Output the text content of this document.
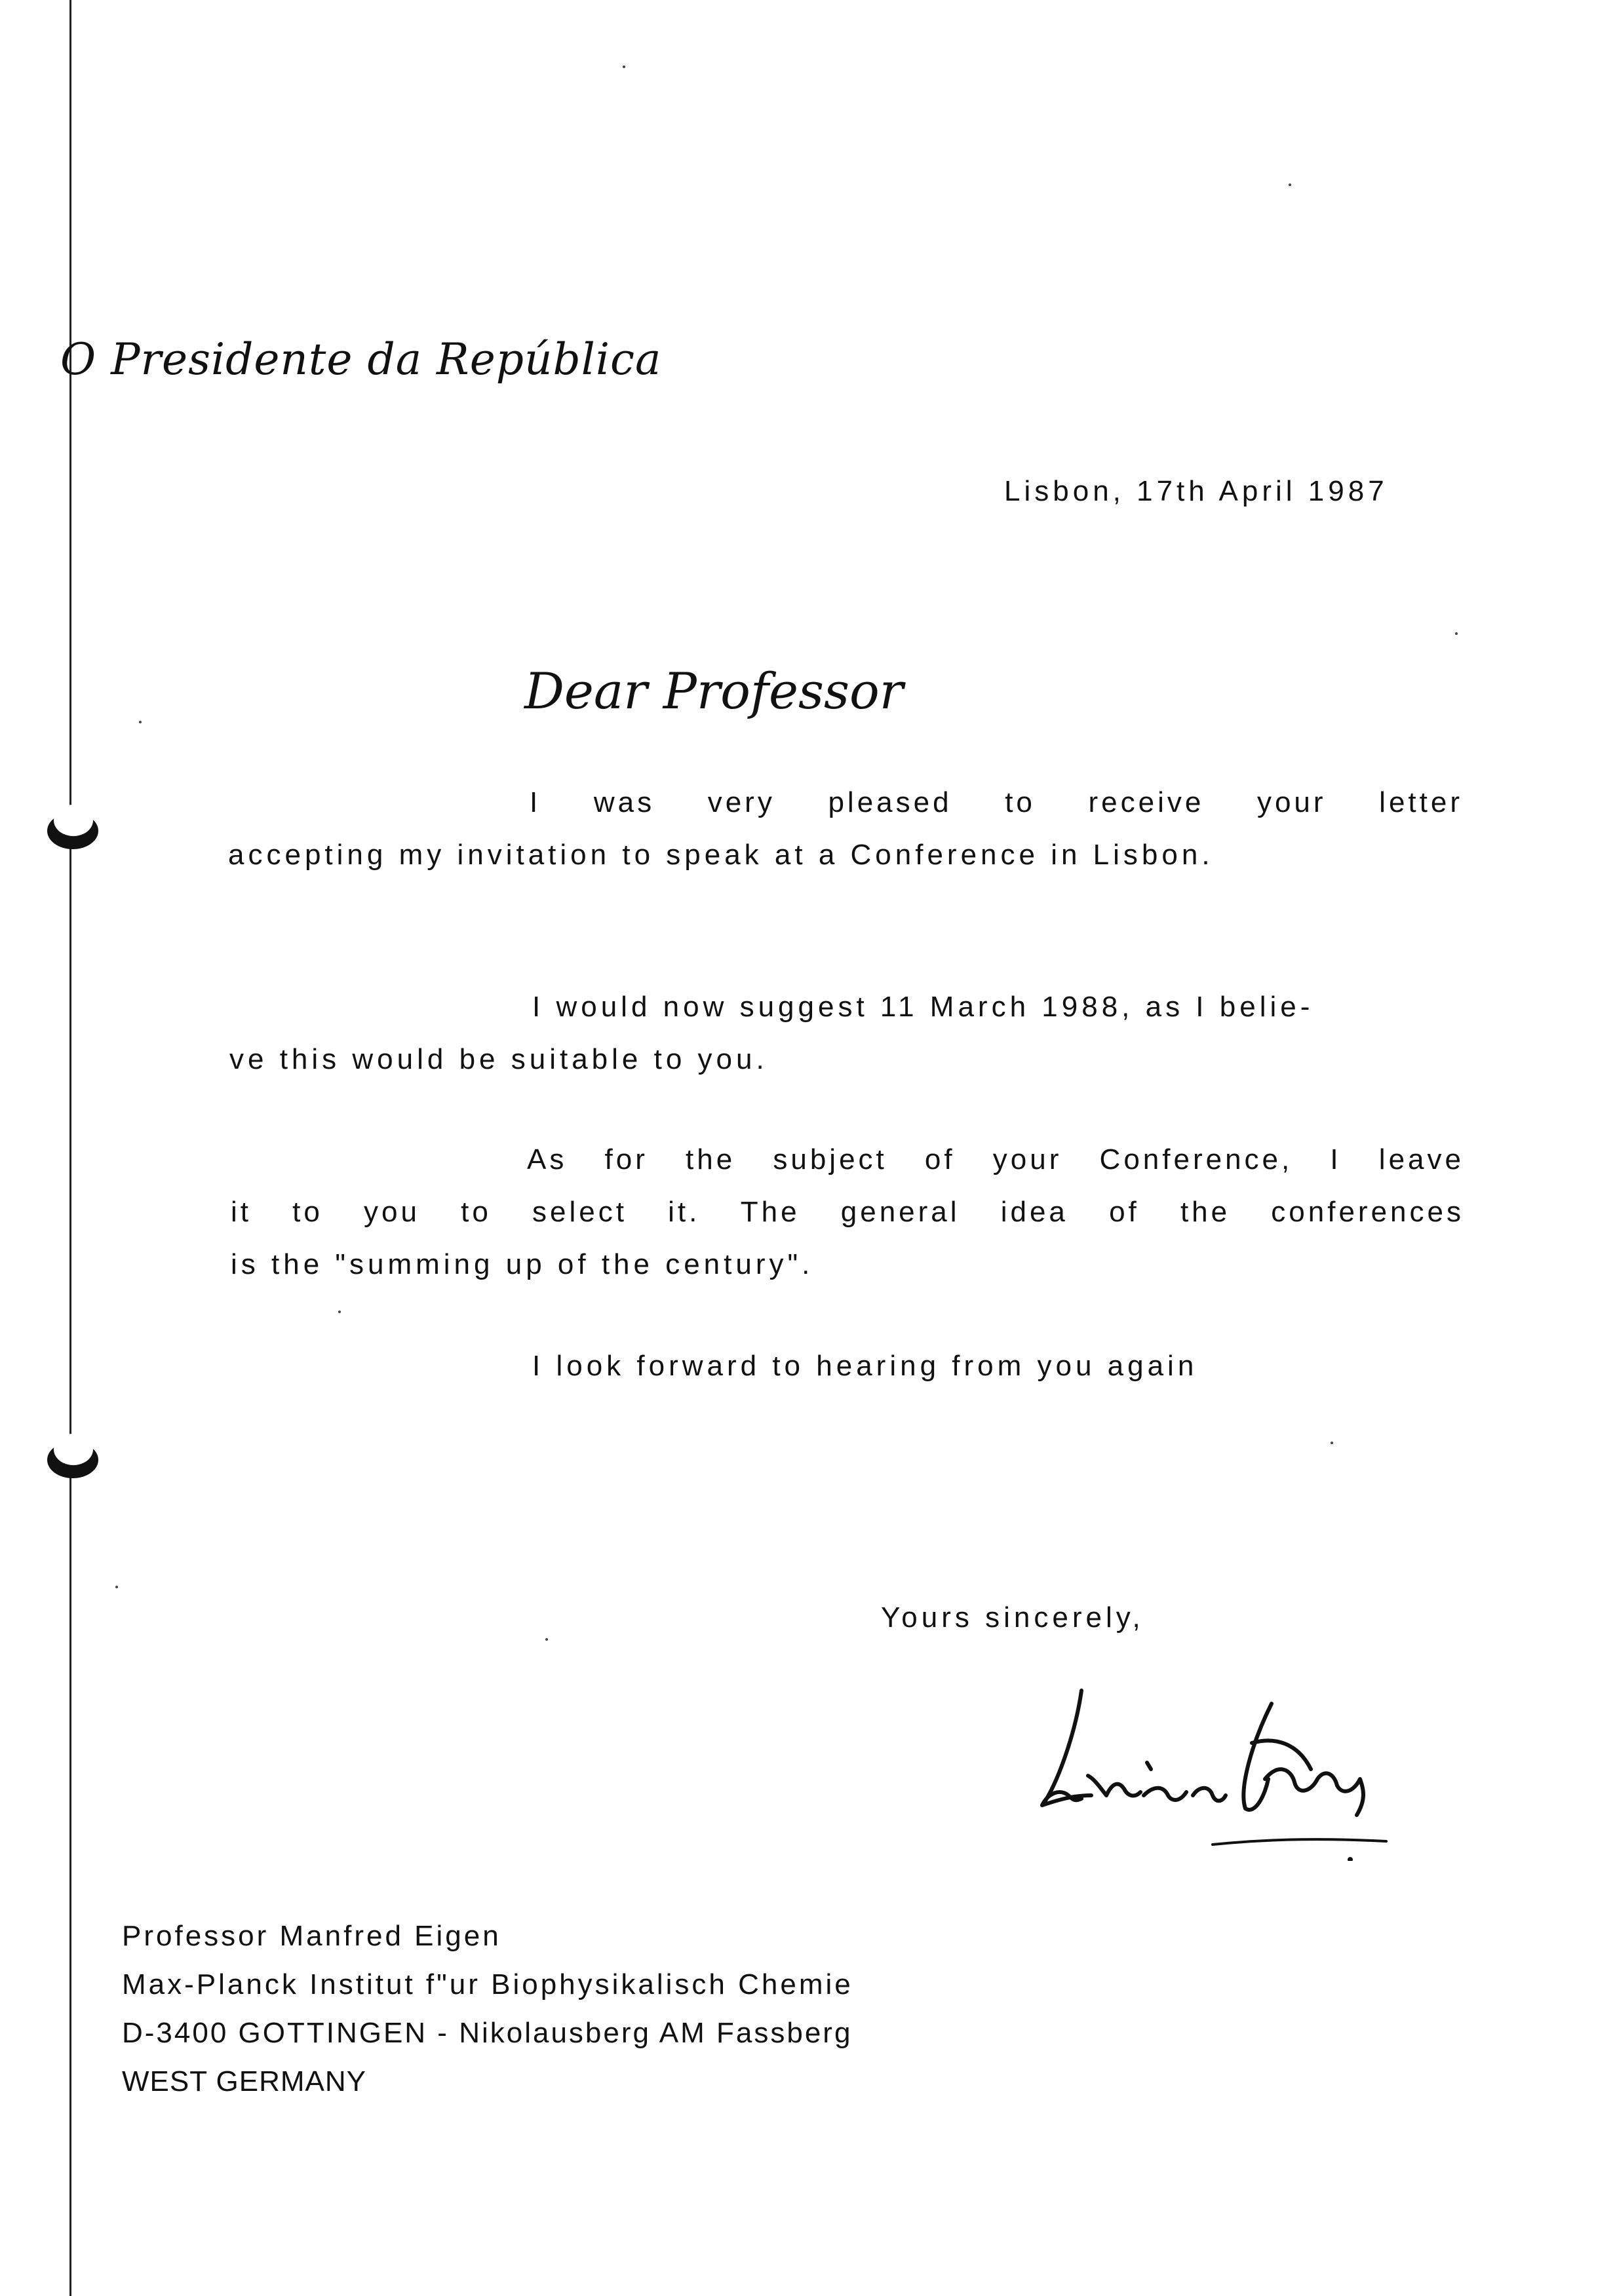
O Presidente da República
Lisbon, 17th April 1987
Dear Professor
I was very pleased to receive your letter
accepting my invitation to speak at a Conference in Lisbon.
I would now suggest 11 March 1988, as I belie-
ve this would be suitable to you.
As for the subject of your Conference, I leave
it to you to select it. The general idea of the conferences
is the "summing up of the century".
I look forward to hearing from you again
Yours sincerely,
Professor Manfred Eigen
Max-Planck Institut f"ur Biophysikalisch Chemie
D-3400 GOTTINGEN - Nikolausberg AM Fassberg
WEST GERMANY
